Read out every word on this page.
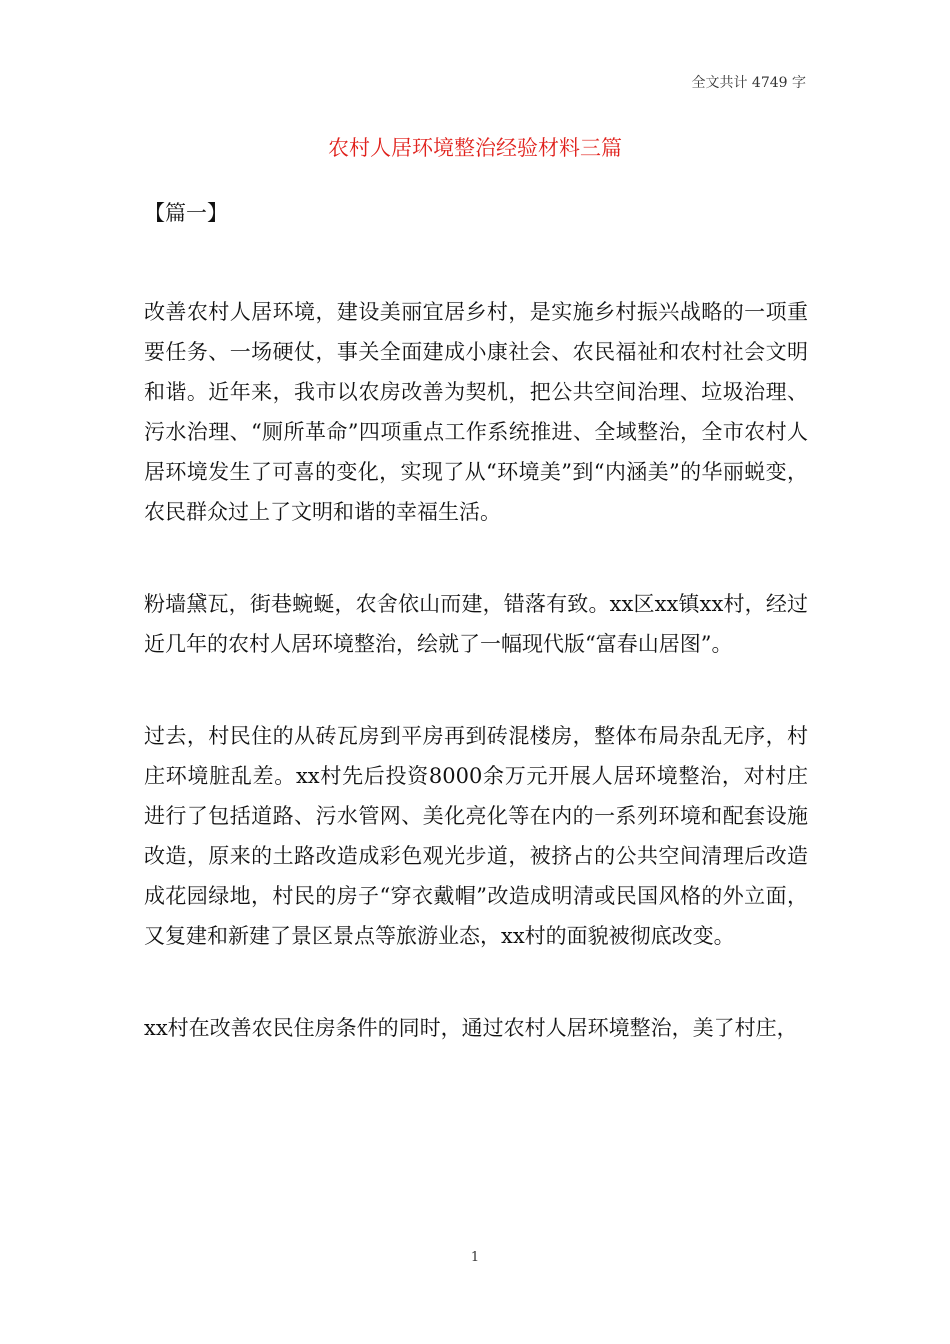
全文共计 4749 字
农村人居环境整治经验材料三篇
【篇一】

改善农村人居环境，建设美丽宜居乡村，是实施乡村振兴战略的一项重要任务、一场硬仗，事关全面建成小康社会、农民福祉和农村社会文明和谐。近年来，我市以农房改善为契机，把公共空间治理、垃圾治理、污水治理、“厕所革命”四项重点工作系统推进、全域整治，全市农村人居环境发生了可喜的变化，实现了从“环境美”到“内涵美”的华丽蜕变，农民群众过上了文明和谐的幸福生活。

粉墙黛瓦，街巷蜿蜒，农舍依山而建，错落有致。xx区xx镇xx村，经过近几年的农村人居环境整治，绘就了一幅现代版“富春山居图”。

过去，村民住的从砖瓦房到平房再到砖混楼房，整体布局杂乱无序，村庄环境脏乱差。xx村先后投资8000余万元开展人居环境整治，对村庄进行了包括道路、污水管网、美化亮化等在内的一系列环境和配套设施改造，原来的土路改造成彩色观光步道，被挤占的公共空间清理后改造成花园绿地，村民的房子“穿衣戴帽”改造成明清或民国风格的外立面，又复建和新建了景区景点等旅游业态，xx村的面貌被彻底改变。

xx村在改善农民住房条件的同时，通过农村人居环境整治，美了村庄，

1
